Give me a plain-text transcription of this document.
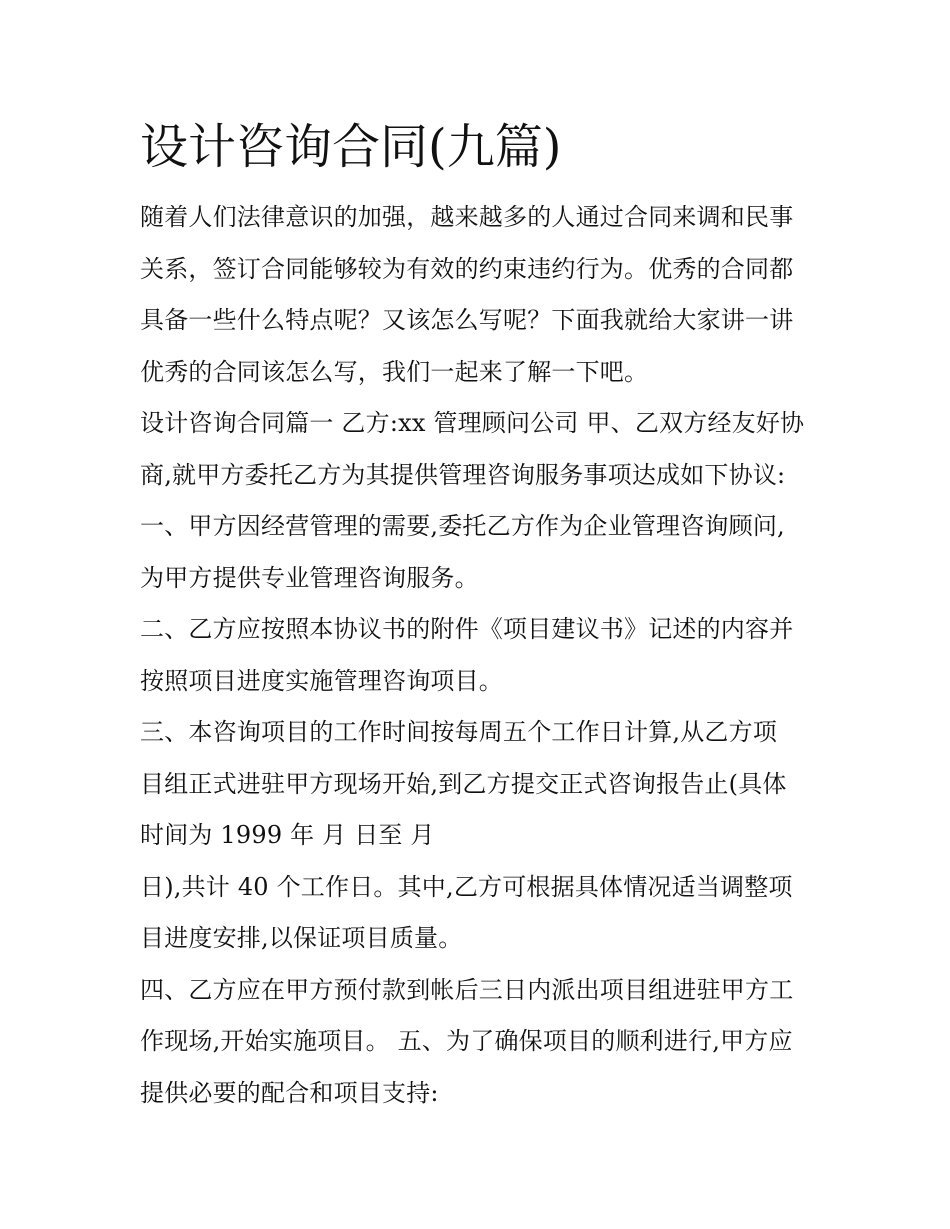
设计咨询合同(九篇)

随着人们法律意识的加强，越来越多的人通过合同来调和民事

关系，签订合同能够较为有效的约束违约行为。优秀的合同都

具备一些什么特点呢？又该怎么写呢？下面我就给大家讲一讲

优秀的合同该怎么写，我们一起来了解一下吧。

设计咨询合同篇一 乙方:xx 管理顾问公司 甲、乙双方经友好协

商,就甲方委托乙方为其提供管理咨询服务事项达成如下协议:

一、甲方因经营管理的需要,委托乙方作为企业管理咨询顾问,

为甲方提供专业管理咨询服务。

二、乙方应按照本协议书的附件《项目建议书》记述的内容并

按照项目进度实施管理咨询项目。

三、本咨询项目的工作时间按每周五个工作日计算,从乙方项

目组正式进驻甲方现场开始,到乙方提交正式咨询报告止(具体

时间为 1999 年 月 日至 月

日),共计 40 个工作日。其中,乙方可根据具体情况适当调整项

目进度安排,以保证项目质量。

四、乙方应在甲方预付款到帐后三日内派出项目组进驻甲方工

作现场,开始实施项目。 五、为了确保项目的顺利进行,甲方应

提供必要的配合和项目支持:
